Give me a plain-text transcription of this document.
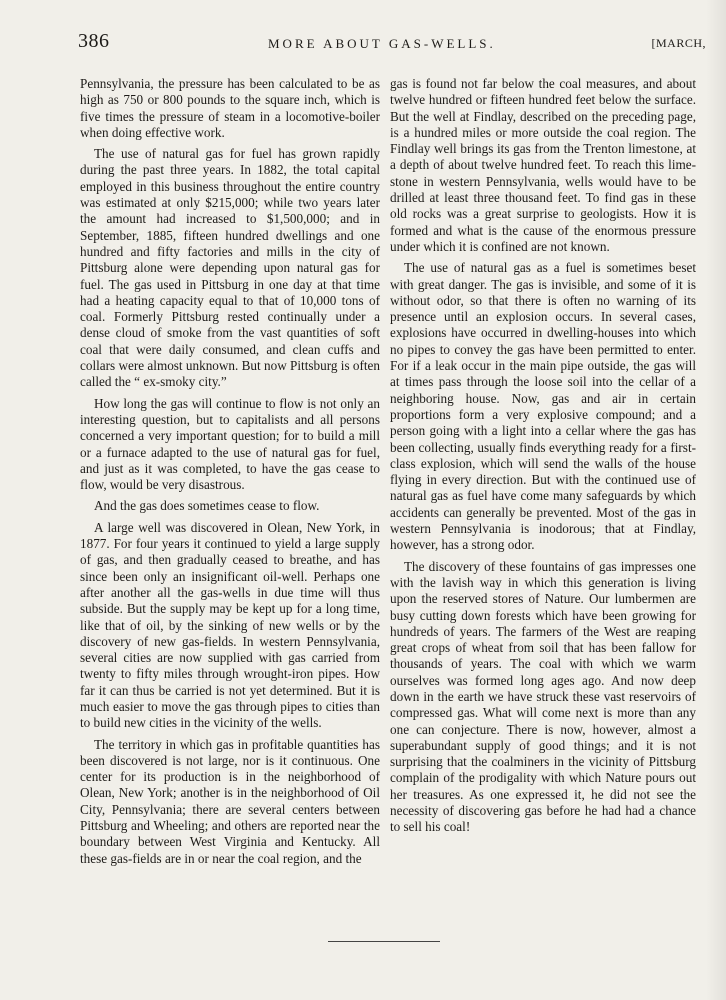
386	MORE ABOUT GAS-WELLS.	[MARCH,

Pennsylvania, the pressure has been calculated to be as high as 750 or 800 pounds to the square inch, which is five times the pressure of steam in a locomotive-boiler when doing effective work.

The use of natural gas for fuel has grown rapidly during the past three years. In 1882, the total capital employed in this business throughout the entire country was estimated at only $215,000; while two years later the amount had increased to $1,500,000; and in September, 1885, fifteen hundred dwellings and one hundred and fifty factories and mills in the city of Pittsburg alone were depending upon natural gas for fuel. The gas used in Pittsburg in one day at that time had a heating capacity equal to that of 10,000 tons of coal. Formerly Pittsburg rested continually under a dense cloud of smoke from the vast quantities of soft coal that were daily consumed, and clean cuffs and collars were almost unknown. But now Pittsburg is often called the “ ex-smoky city.”

How long the gas will continue to flow is not only an interesting question, but to capitalists and all persons concerned a very important question; for to build a mill or a furnace adapted to the use of natural gas for fuel, and just as it was completed, to have the gas cease to flow, would be very disastrous.

And the gas does sometimes cease to flow.

A large well was discovered in Olean, New York, in 1877. For four years it continued to yield a large supply of gas, and then gradually ceased to breathe, and has since been only an insignificant oil-well. Perhaps one after another all the gas-wells in due time will thus subside. But the supply may be kept up for a long time, like that of oil, by the sinking of new wells or by the discovery of new gas-fields. In western Pennsylvania, several cities are now supplied with gas carried from twenty to fifty miles through wrought-iron pipes. How far it can thus be carried is not yet determined. But it is much easier to move the gas through pipes to cities than to build new cities in the vicinity of the wells.

The territory in which gas in profitable quantities has been discovered is not large, nor is it continuous. One center for its production is in the neighborhood of Olean, New York; another is in the neighborhood of Oil City, Pennsylvania; there are several centers between Pittsburg and Wheeling; and others are reported near the boundary between West Virginia and Kentucky. All these gas-fields are in or near the coal region, and the

gas is found not far below the coal measures, and about twelve hundred or fifteen hundred feet below the surface. But the well at Findlay, described on the preceding page, is a hundred miles or more outside the coal region. The Findlay well brings its gas from the Trenton limestone, at a depth of about twelve hundred feet. To reach this limestone in western Pennsylvania, wells would have to be drilled at least three thousand feet. To find gas in these old rocks was a great surprise to geologists. How it is formed and what is the cause of the enormous pressure under which it is confined are not known.

The use of natural gas as a fuel is sometimes beset with great danger. The gas is invisible, and some of it is without odor, so that there is often no warning of its presence until an explosion occurs. In several cases, explosions have occurred in dwelling-houses into which no pipes to convey the gas have been permitted to enter. For if a leak occur in the main pipe outside, the gas will at times pass through the loose soil into the cellar of a neighboring house. Now, gas and air in certain proportions form a very explosive compound; and a person going with a light into a cellar where the gas has been collecting, usually finds everything ready for a first-class explosion, which will send the walls of the house flying in every direction. But with the continued use of natural gas as fuel have come many safeguards by which accidents can generally be prevented. Most of the gas in western Pennsylvania is inodorous; that at Findlay, however, has a strong odor.

The discovery of these fountains of gas impresses one with the lavish way in which this generation is living upon the reserved stores of Nature. Our lumbermen are busy cutting down forests which have been growing for hundreds of years. The farmers of the West are reaping great crops of wheat from soil that has been fallow for thousands of years. The coal with which we warm ourselves was formed long ages ago. And now deep down in the earth we have struck these vast reservoirs of compressed gas. What will come next is more than any one can conjecture. There is now, however, almost a superabundant supply of good things; and it is not surprising that the coalminers in the vicinity of Pittsburg complain of the prodigality with which Nature pours out her treasures. As one expressed it, he did not see the necessity of discovering gas before he had had a chance to sell his coal!
